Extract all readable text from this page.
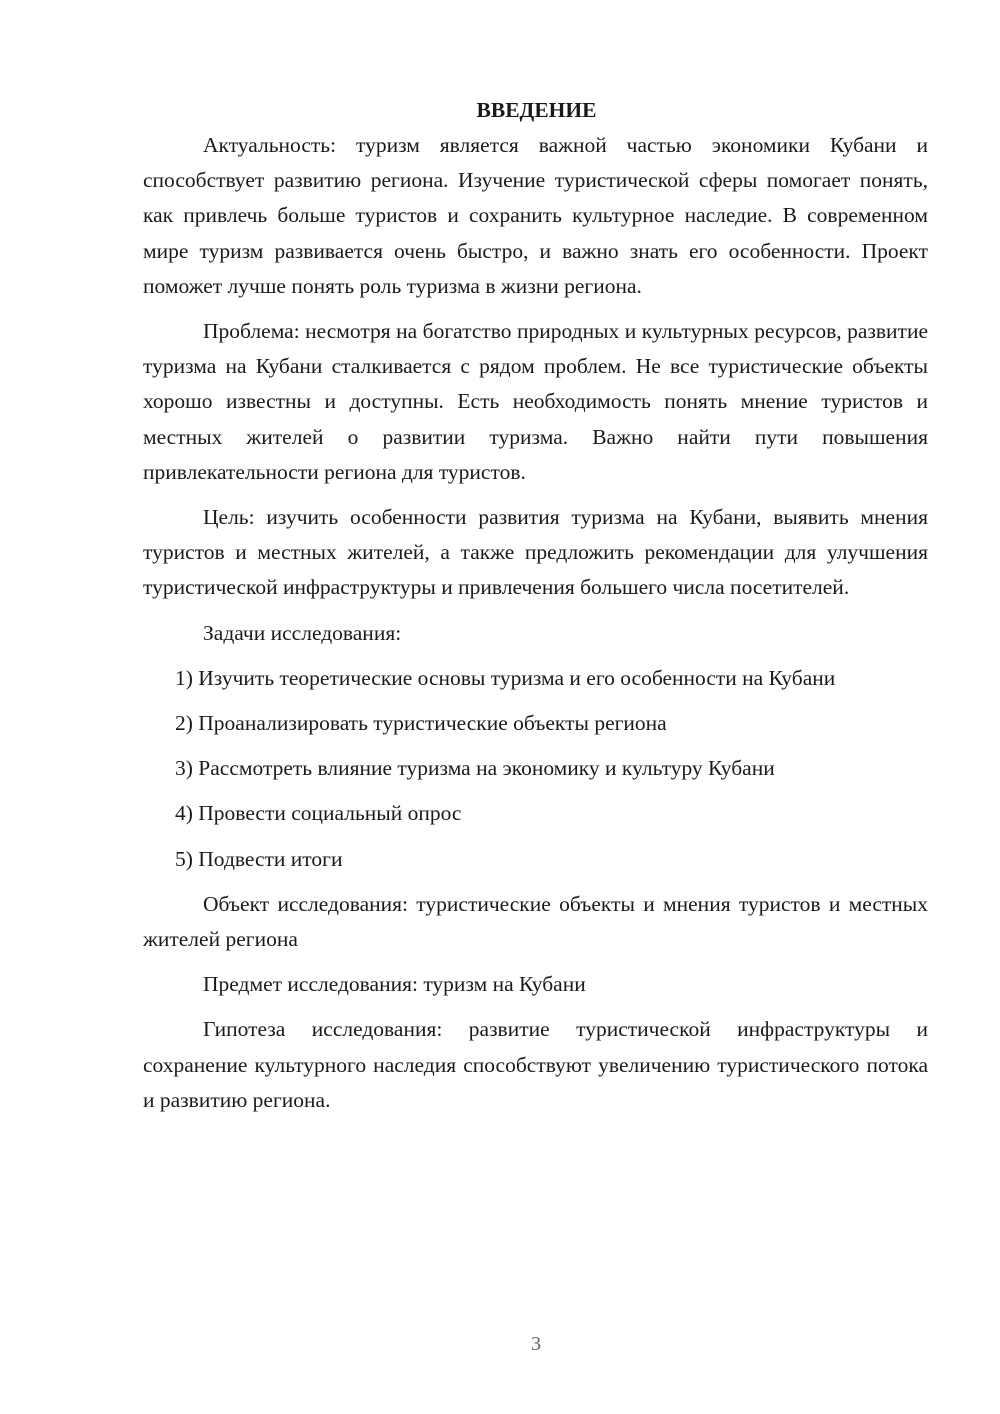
ВВЕДЕНИЕ

Актуальность: туризм является важной частью экономики Кубани и способствует развитию региона. Изучение туристической сферы помогает понять, как привлечь больше туристов и сохранить культурное наследие. В современном мире туризм развивается очень быстро, и важно знать его особенности. Проект поможет лучше понять роль туризма в жизни региона.

Проблема: несмотря на богатство природных и культурных ресурсов, развитие туризма на Кубани сталкивается с рядом проблем. Не все туристические объекты хорошо известны и доступны. Есть необходимость понять мнение туристов и местных жителей о развитии туризма. Важно найти пути повышения привлекательности региона для туристов.

Цель: изучить особенности развития туризма на Кубани, выявить мнения туристов и местных жителей, а также предложить рекомендации для улучшения туристической инфраструктуры и привлечения большего числа посетителей.

Задачи исследования:

1) Изучить теоретические основы туризма и его особенности на Кубани
2) Проанализировать туристические объекты региона
3) Рассмотреть влияние туризма на экономику и культуру Кубани
4) Провести социальный опрос
5) Подвести итоги

Объект исследования: туристические объекты и мнения туристов и местных жителей региона

Предмет исследования: туризм на Кубани

Гипотеза исследования: развитие туристической инфраструктуры и сохранение культурного наследия способствуют увеличению туристического потока и развитию региона.

3
